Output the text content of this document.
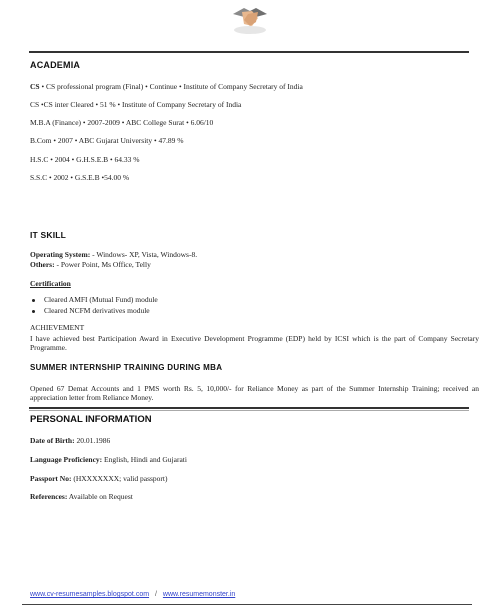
ACADEMIA
CS • CS professional program (Final) • Continue • Institute of Company Secretary of India
CS •CS inter Cleared • 51 % • Institute of Company Secretary of India
M.B.A (Finance) • 2007-2009 • ABC College Surat • 6.06/10
B.Com • 2007 • ABC Gujarat University • 47.89 %
H.S.C • 2004 • G.H.S.E.B • 64.33 %
S.S.C • 2002 • G.S.E.B •54.00 %
IT SKILL
Operating System: - Windows- XP, Vista, Windows-8.
Others: - Power Point, Ms Office, Telly
Certification
Cleared AMFI (Mutual Fund) module
Cleared NCFM derivatives module
ACHIEVEMENT
I have achieved best Participation Award in Executive Development Programme (EDP) held by ICSI which is the part of Company Secretary Programme.
SUMMER INTERNSHIP TRAINING DURING MBA
Opened 67 Demat Accounts and 1 PMS worth Rs. 5, 10,000/- for Reliance Money as part of the Summer Internship Training; received an appreciation letter from Reliance Money.
PERSONAL INFORMATION
Date of Birth: 20.01.1986
Language Proficiency: English, Hindi and Gujarati
Passport No: (HXXXXXXX; valid passport)
References: Available on Request
www.cv-resumesamples.blogspot.com / www.resumemonster.in
